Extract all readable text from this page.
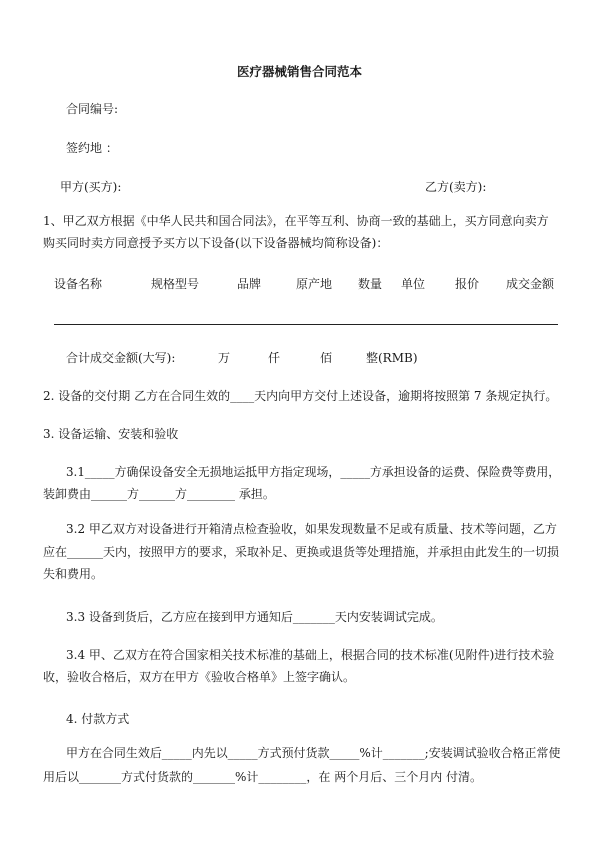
医疗器械销售合同范本
合同编号:
签约地 ：
甲方(买方):	乙方(卖方):
1、甲乙双方根据《中华人民共和国合同法》，在平等互利、协商一致的基础上，买方同意向卖方
购买同时卖方同意授予买方以下设备(以下设备器械均简称设备)：
设备名称	规格型号	品牌	原产地 数量 单位 报价 成交金额
合计成交金额(大写):	万	仟	佰	整(RMB)
2. 设备的交付期 乙方在合同生效的____天内向甲方交付上述设备，逾期将按照第 7 条规定执行。
3. 设备运输、安装和验收
3.1_____方确保设备安全无损地运抵甲方指定现场，_____方承担设备的运费、保险费等费用，
装卸费由______方______方________ 承担。
3.2 甲乙双方对设备进行开箱清点检查验收，如果发现数量不足或有质量、技术等问题，乙方
应在______天内，按照甲方的要求，采取补足、更换或退货等处理措施，并承担由此发生的一切损
失和费用。
3.3 设备到货后，乙方应在接到甲方通知后_______天内安装调试完成。
3.4 甲、乙双方在符合国家相关技术标准的基础上，根据合同的技术标准(见附件)进行技术验
收，验收合格后，双方在甲方《验收合格单》上签字确认。
4. 付款方式
甲方在合同生效后_____内先以_____方式预付货款_____%计_______;安装调试验收合格正常使
用后以_______方式付货款的_______%计________，在 两个月后、三个月内 付清。
